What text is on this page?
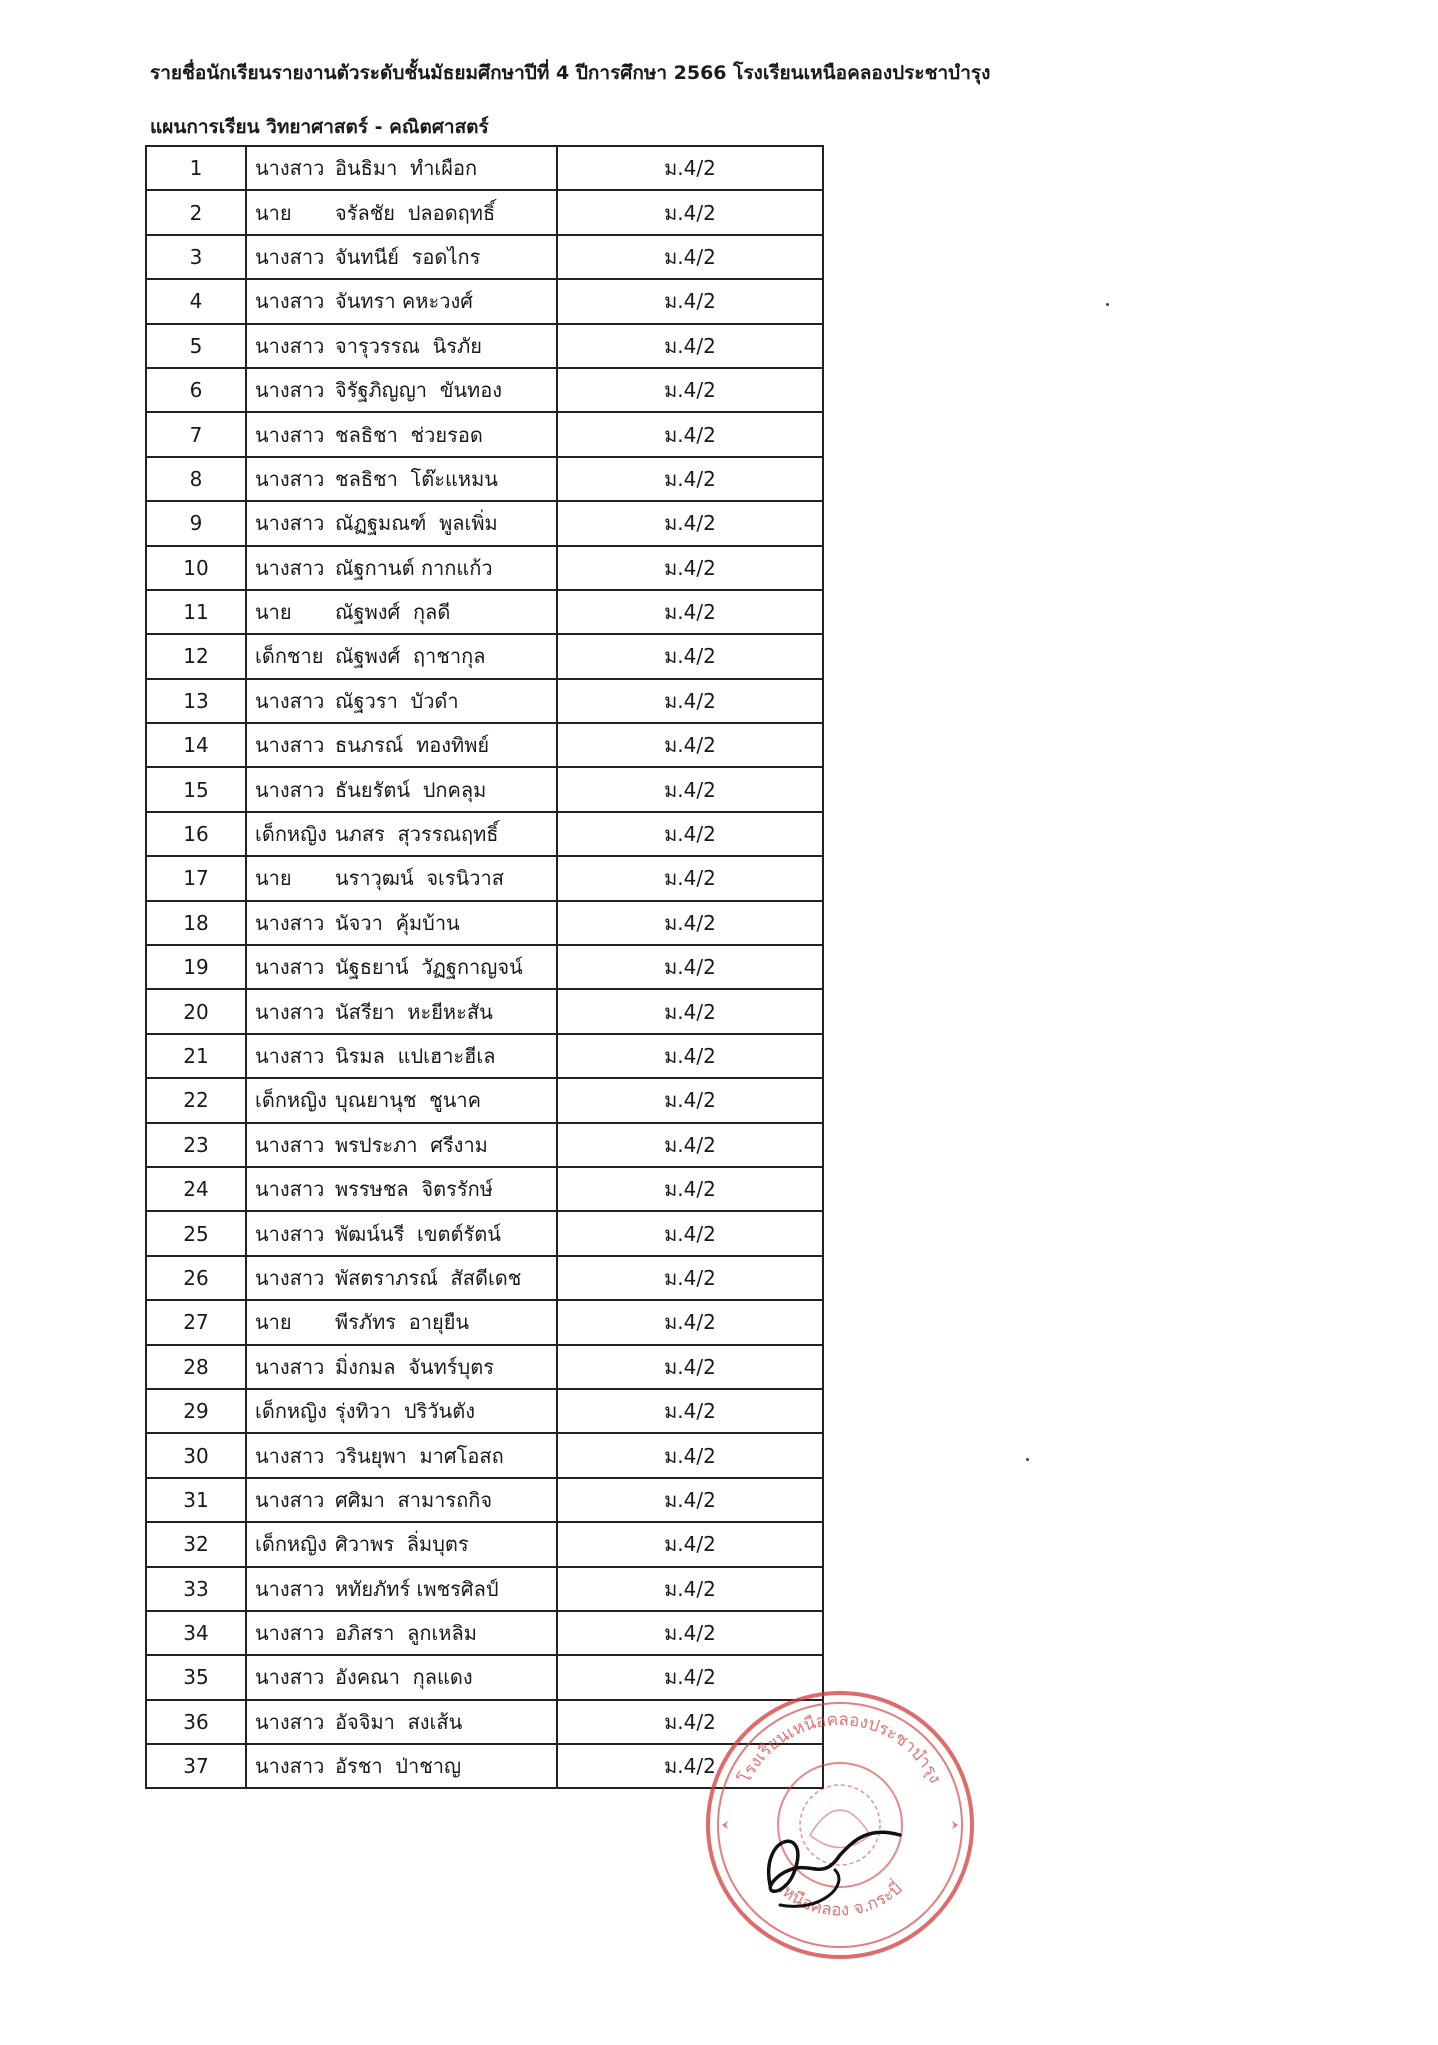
รายชื่อนักเรียนรายงานตัวระดับชั้นมัธยมศึกษาปีที่ 4 ปีการศึกษา 2566 โรงเรียนเหนือคลองประชาบำรุง
แผนการเรียน วิทยาศาสตร์ - คณิตศาสตร์
1	นางสาว อินธิมา  ทำเผือก	ม.4/2
2	นาย จรัลชัย  ปลอดฤทธิ์	ม.4/2
3	นางสาว จันทนีย์  รอดไกร	ม.4/2
4	นางสาว จันทรา คหะวงศ์	ม.4/2
5	นางสาว จารุวรรณ  นิรภัย	ม.4/2
6	นางสาว จิรัฐภิญญา  ขันทอง	ม.4/2
7	นางสาว ชลธิชา  ช่วยรอด	ม.4/2
8	นางสาว ชลธิชา  โต๊ะแหมน	ม.4/2
9	นางสาว ณัฏฐมณฑ์  พูลเพิ่ม	ม.4/2
10	นางสาว ณัฐกานต์ กากแก้ว	ม.4/2
11	นาย ณัฐพงศ์  กุลดี	ม.4/2
12	เด็กชาย ณัฐพงศ์  ฤาชากุล	ม.4/2
13	นางสาว ณัฐวรา  บัวดำ	ม.4/2
14	นางสาว ธนภรณ์  ทองทิพย์	ม.4/2
15	นางสาว ธันยรัตน์  ปกคลุม	ม.4/2
16	เด็กหญิง นภสร  สุวรรณฤทธิ์	ม.4/2
17	นาย นราวุฒน์  จเรนิวาส	ม.4/2
18	นางสาว นัจวา  คุ้มบ้าน	ม.4/2
19	นางสาว นัฐธยาน์  วัฏฐกาญจน์	ม.4/2
20	นางสาว นัสรียา  หะยีหะสัน	ม.4/2
21	นางสาว นิรมล  แปเฮาะฮีเล	ม.4/2
22	เด็กหญิง บุณยานุช  ชูนาค	ม.4/2
23	นางสาว พรประภา  ศรีงาม	ม.4/2
24	นางสาว พรรษชล  จิตรรักษ์	ม.4/2
25	นางสาว พัฒน์นรี  เขตต์รัตน์	ม.4/2
26	นางสาว พัสตราภรณ์  สัสดีเดช	ม.4/2
27	นาย พีรภัทร  อายุยืน	ม.4/2
28	นางสาว มิ่งกมล  จันทร์บุตร	ม.4/2
29	เด็กหญิง รุ่งทิวา  ปริวันตัง	ม.4/2
30	นางสาว วรินยุพา  มาศโอสถ	ม.4/2
31	นางสาว ศศิมา  สามารถกิจ	ม.4/2
32	เด็กหญิง ศิวาพร  ลิ่มบุตร	ม.4/2
33	นางสาว หทัยภัทร์ เพชรศิลป์	ม.4/2
34	นางสาว อภิสรา  ลูกเหลิม	ม.4/2
35	นางสาว อังคณา  กุลแดง	ม.4/2
36	นางสาว อัจจิมา  สงเส้น	ม.4/2
37	นางสาว อัรชา  ป่าชาญ	ม.4/2 โรงเรียนเหนือคลองประชาบำรุง
เหนือคลอง จ.กระบี่
